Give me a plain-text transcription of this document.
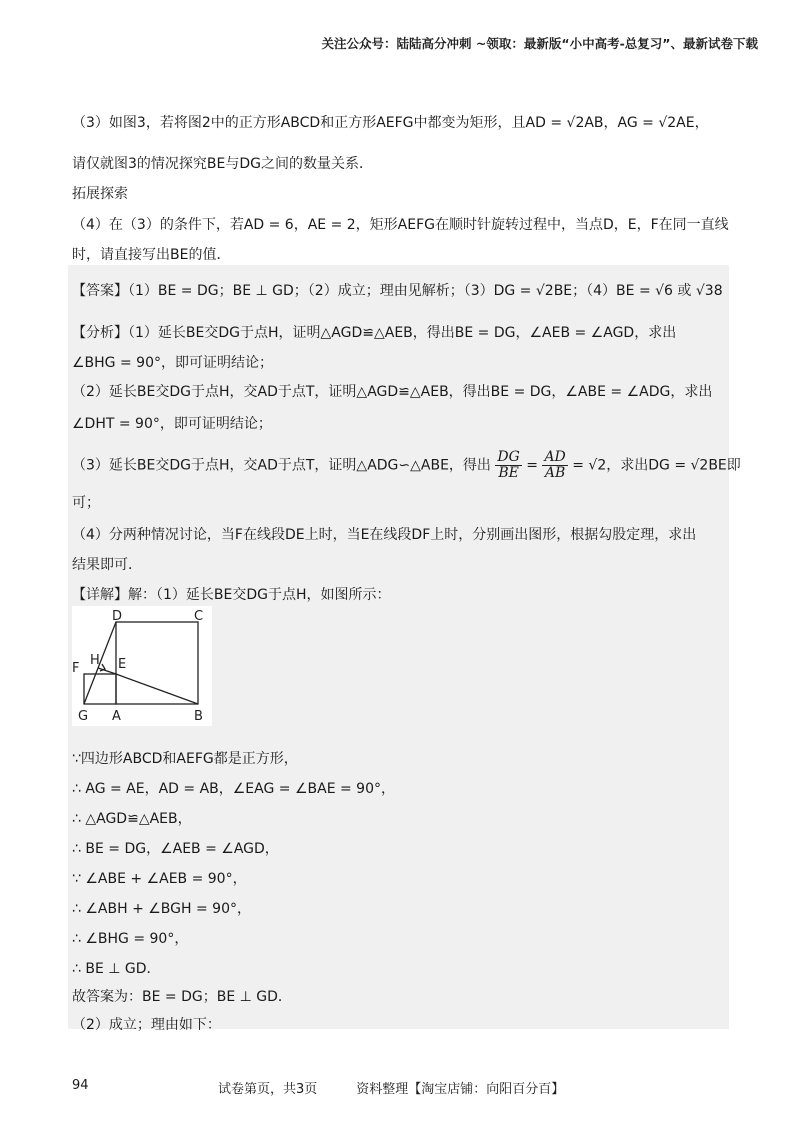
关注公众号：陆陆高分冲刺 ~领取：最新版“小中高考-总复习”、最新试卷下载
（3）如图3，若将图2中的正方形ABCD和正方形AEFG中都变为矩形，且AD = √2AB，AG = √2AE，
请仅就图3的情况探究BE与DG之间的数量关系．
拓展探索
（4）在（3）的条件下，若AD = 6，AE = 2，矩形AEFG在顺时针旋转过程中，当点D，E，F在同一直线
时，请直接写出BE的值．
【答案】（1）BE = DG；BE ⊥ GD；（2）成立；理由见解析；（3）DG = √2BE；（4）BE = √6 或 √38
【分析】（1）延长BE交DG于点H，证明△AGD≌△AEB，得出BE = DG，∠AEB = ∠AGD，求出
∠BHG = 90°，即可证明结论；
（2）延长BE交DG于点H，交AD于点T，证明△AGD≌△AEB，得出BE = DG，∠ABE = ∠ADG，求出
∠DHT = 90°，即可证明结论；
（3）延长BE交DG于点H，交AD于点T，证明△ADG∽△ABE，得出 $\frac{DG}{BE} = \frac{AD}{AB} = √2$，求出DG = √2BE即
可；
（4）分两种情况讨论，当F在线段DE上时，当E在线段DF上时，分别画出图形，根据勾股定理，求出
结果即可．
【详解】解：（1）延长BE交DG于点H，如图所示：
D	C
H E
F
G A	B
∵四边形ABCD和AEFG都是正方形，
∴ AG = AE，AD = AB，∠EAG = ∠BAE = 90°，
∴ △AGD≌△AEB，
∴ BE = DG，∠AEB = ∠AGD，
∵ ∠ABE + ∠AEB = 90°，
∴ ∠ABH + ∠BGH = 90°，
∴ ∠BHG = 90°，
∴ BE ⊥ GD．
故答案为：BE = DG；BE ⊥ GD．
（2）成立；理由如下：
94	试卷第页，共3页　　　资料整理【淘宝店铺：向阳百分百】
